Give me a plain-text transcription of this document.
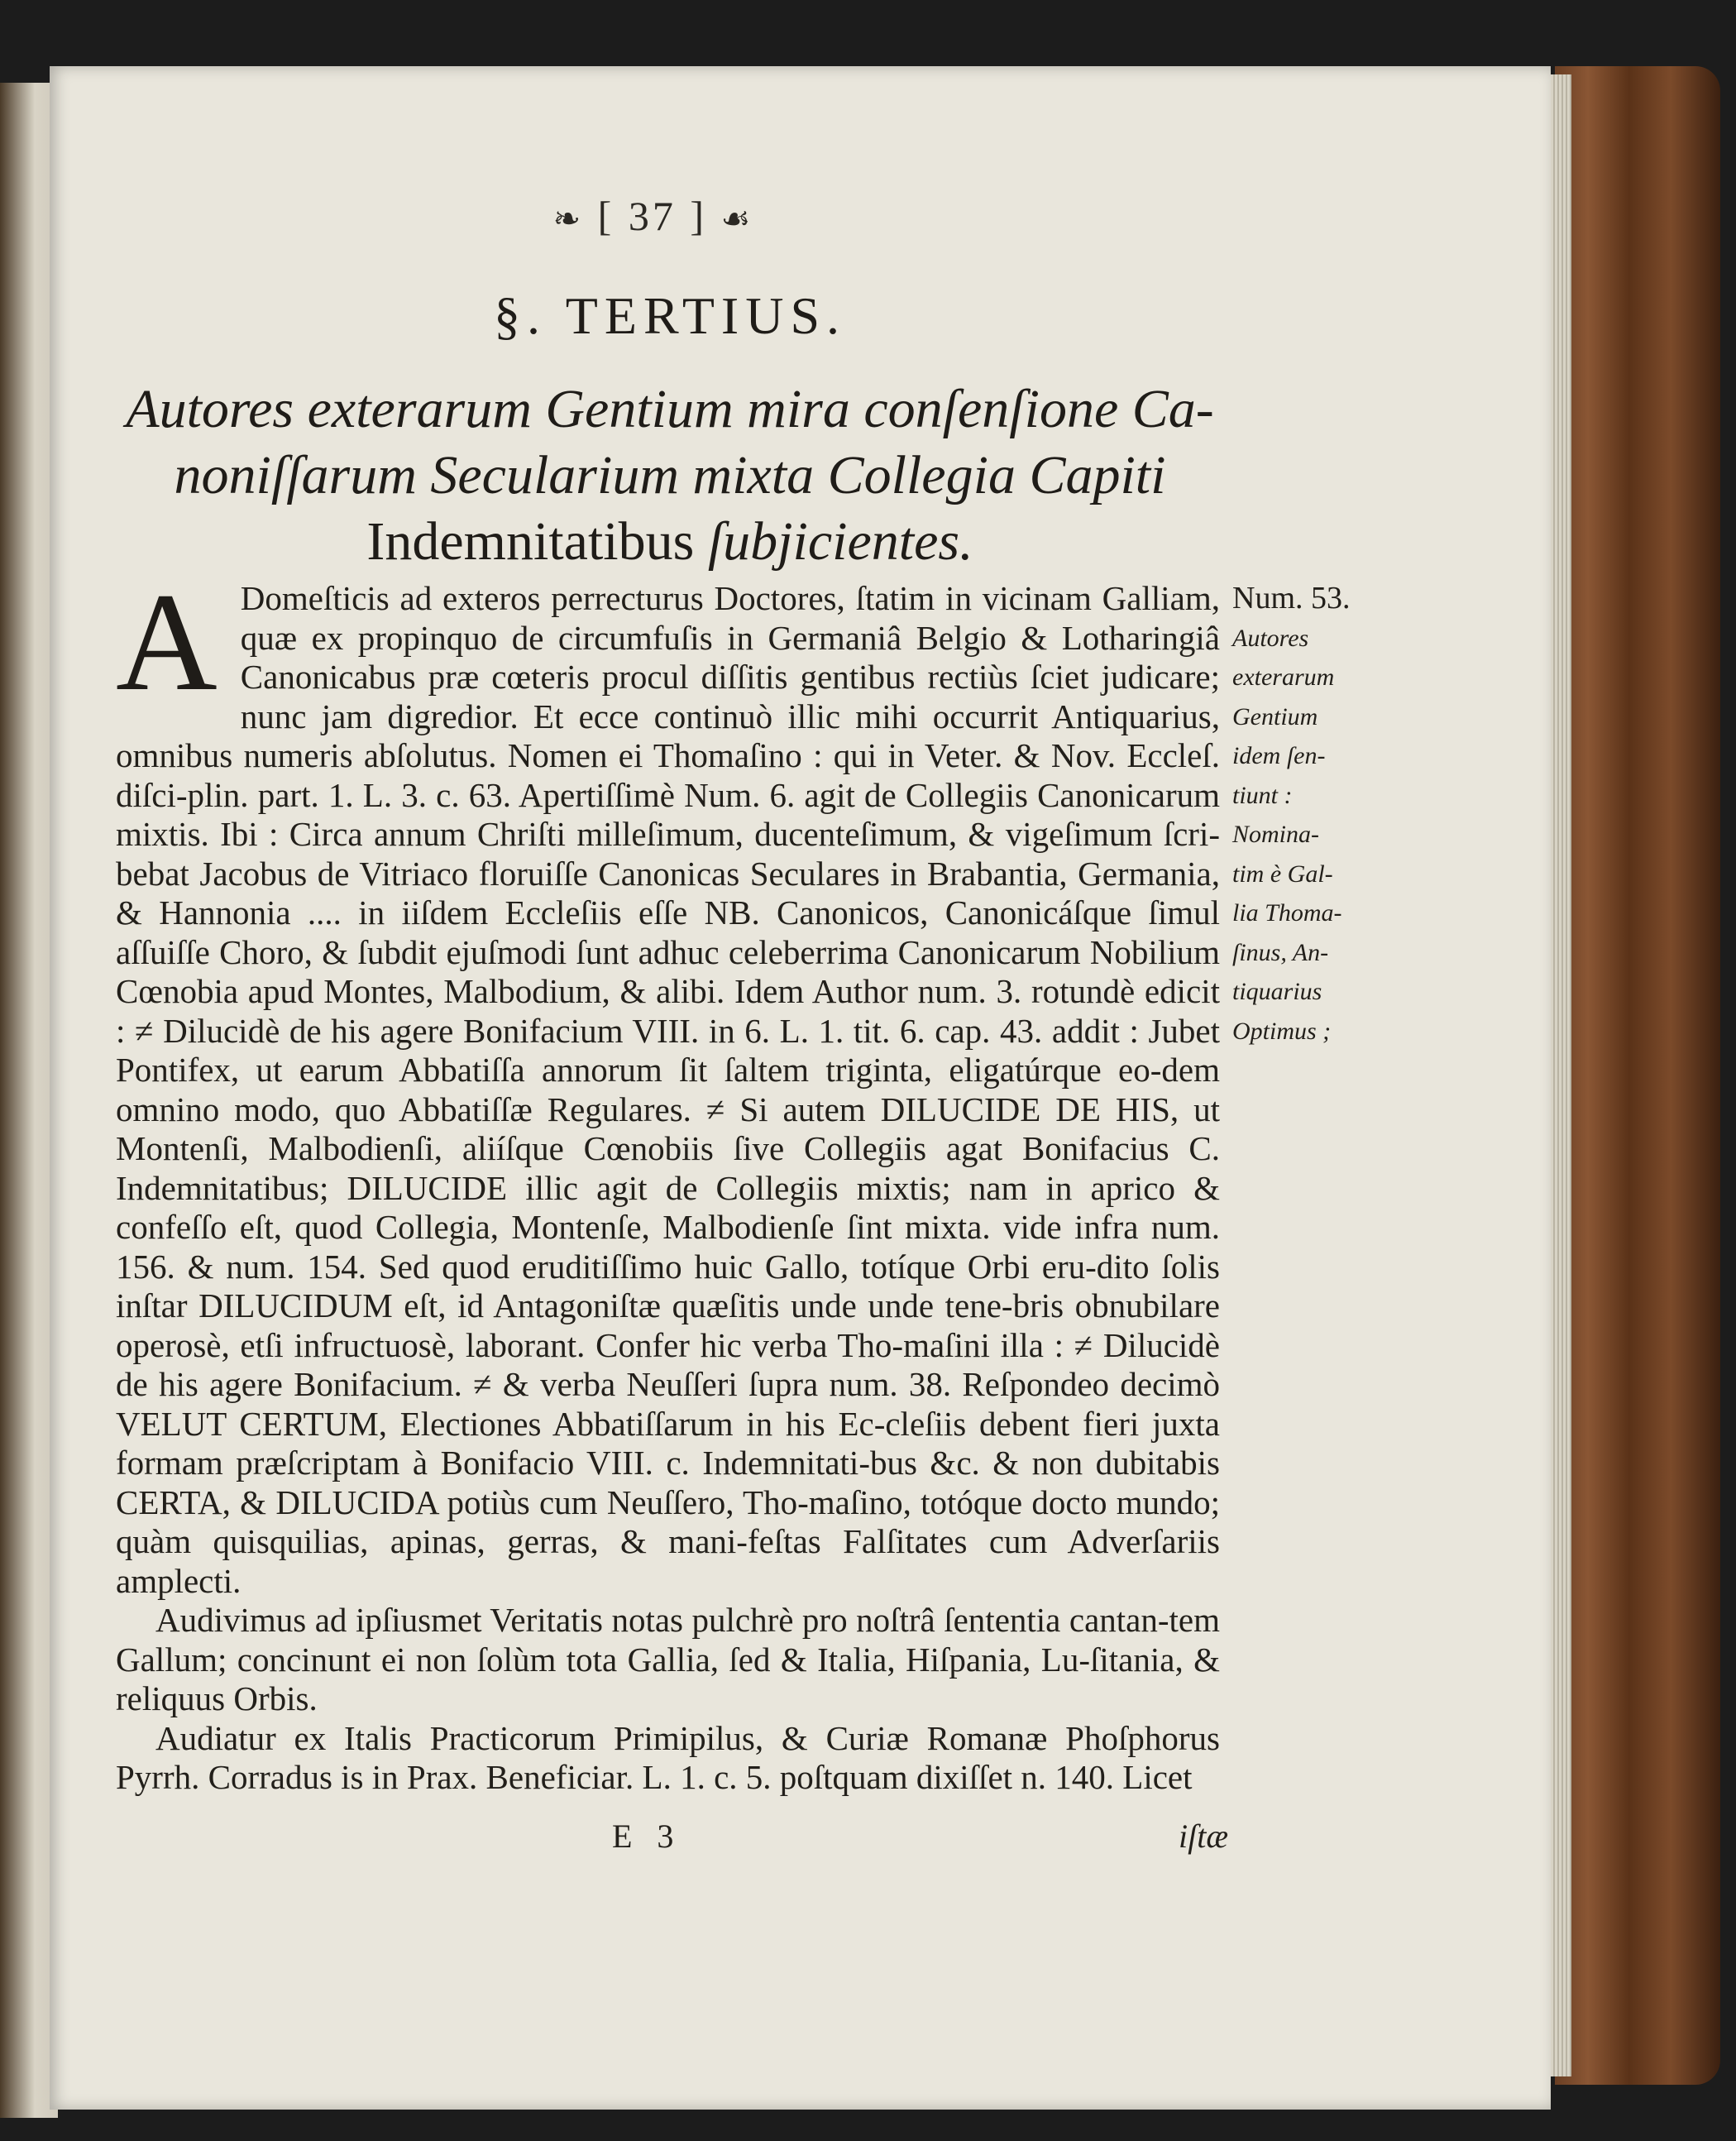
❧ [ 37 ] ☙
§. TERTIUS.
Autores exterarum Gentium mira conſenſione Ca-
noniſſarum Secularium mixta Collegia Capiti
Indemnitatibus ſubjicientes.

A Domeſticis ad exteros perrecturus Doctores, ſtatim in vicinam Galliam, quæ ex propinquo de circumfuſis in Germaniâ Belgio & Lotharingiâ Canonicabus præ cœteris procul diſſitis gentibus rectiùs ſciet judicare; nunc jam digredior. Et ecce continuò illic mihi occurrit Antiquarius, omnibus numeris abſolutus. Nomen ei Thomaſino : qui in Veter. & Nov. Eccleſ. diſci-plin. part. 1. L. 3. c. 63. Apertiſſimè Num. 6. agit de Collegiis Canonicarum mixtis. Ibi : Circa annum Chriſti milleſimum, ducenteſimum, & vigeſimum ſcri-bebat Jacobus de Vitriaco floruiſſe Canonicas Seculares in Brabantia, Germania, & Hannonia .... in iiſdem Eccleſiis eſſe NB. Canonicos, Canonicáſque ſimul aſſuiſſe Choro, & ſubdit ejuſmodi ſunt adhuc celeberrima Canonicarum Nobilium Cœnobia apud Montes, Malbodium, & alibi. Idem Author num. 3. rotundè edicit : ≠ Dilucidè de his agere Bonifacium VIII. in 6. L. 1. tit. 6. cap. 43. addit : Jubet Pontifex, ut earum Abbatiſſa annorum ſit ſaltem triginta, eligatúrque eo-dem omnino modo, quo Abbatiſſæ Regulares. ≠ Si autem DILUCIDE DE HIS, ut Montenſi, Malbodienſi, aliíſque Cœnobiis ſive Collegiis agat Bonifacius C. Indemnitatibus; DILUCIDE illic agit de Collegiis mixtis; nam in aprico & confeſſo eſt, quod Collegia, Montenſe, Malbodienſe ſint mixta. vide infra num. 156. & num. 154. Sed quod eruditiſſimo huic Gallo, totíque Orbi eru-dito ſolis inſtar DILUCIDUM eſt, id Antagoniſtæ quæſitis unde unde tene-bris obnubilare operosè, etſi infructuosè, laborant. Confer hic verba Tho-maſini illa : ≠ Dilucidè de his agere Bonifacium. ≠ & verba Neuſſeri ſupra num. 38. Reſpondeo decimò VELUT CERTUM, Electiones Abbatiſſarum in his Ec-cleſiis debent fieri juxta formam præſcriptam à Bonifacio VIII. c. Indemnitati-bus &c. & non dubitabis CERTA, & DILUCIDA potiùs cum Neuſſero, Tho-maſino, totóque docto mundo; quàm quisquilias, apinas, gerras, & mani-feſtas Falſitates cum Adverſariis amplecti.

Audivimus ad ipſiusmet Veritatis notas pulchrè pro noſtrâ ſententia cantan-tem Gallum; concinunt ei non ſolùm tota Gallia, ſed & Italia, Hiſpania, Lu-ſitania, & reliquus Orbis.

Audiatur ex Italis Practicorum Primipilus, & Curiæ Romanæ Phoſphorus Pyrrh. Corradus is in Prax. Beneficiar. L. 1. c. 5. poſtquam dixiſſet n. 140. Licet

Num. 53.
Autores
exterarum
Gentium
idem ſen-
tiunt :
Nomina-
tim è Gal-
lia Thoma-
ſinus, An-
tiquarius
Optimus ;
E 3	iſtæ
